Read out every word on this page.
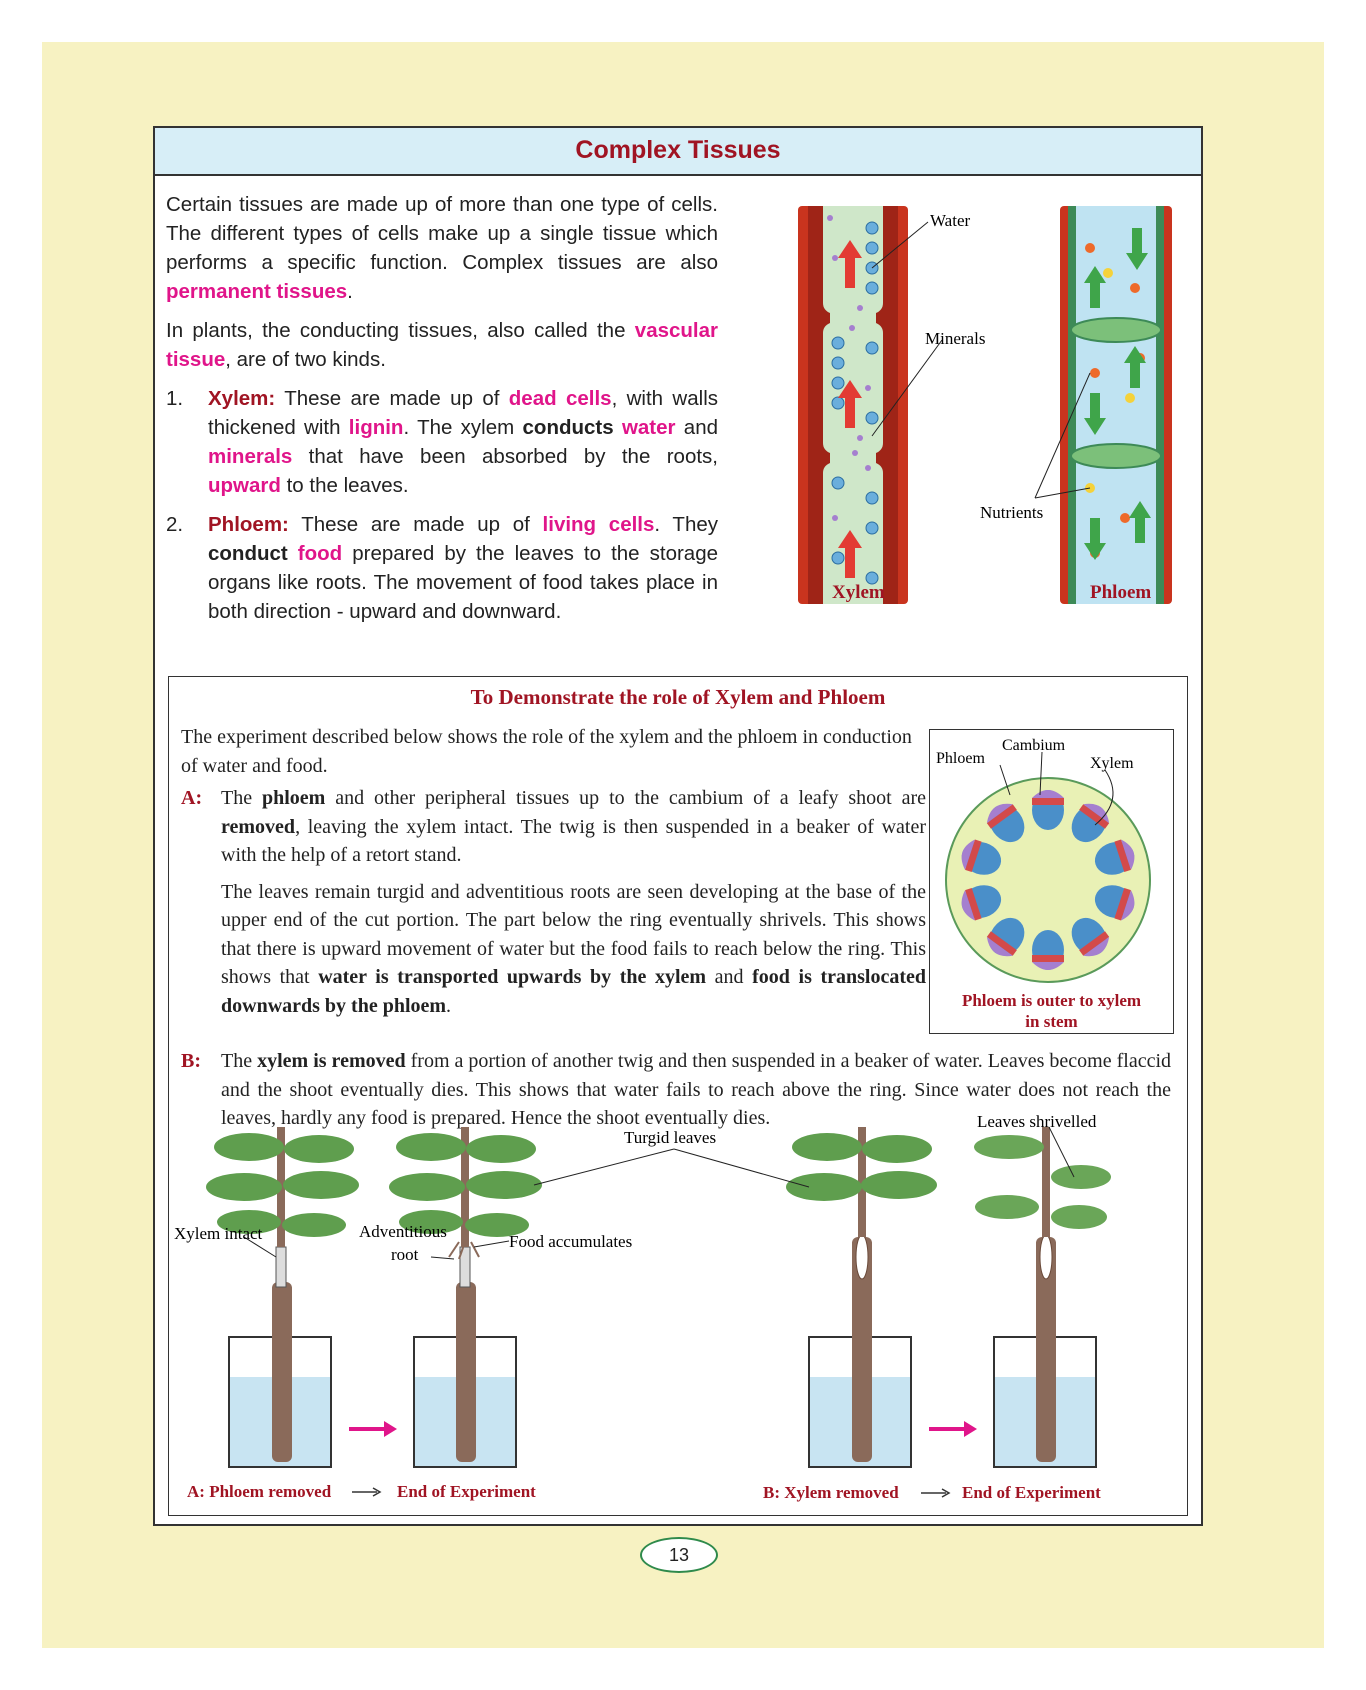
Complex Tissues

Certain tissues are made up of more than one type of cells. The different types of cells make up a single tissue which performs a specific function. Complex tissues are also permanent tissues.

In plants, the conducting tissues, also called the vascular tissue, are of two kinds.

1. Xylem: These are made up of dead cells, with walls thickened with lignin. The xylem conducts water and minerals that have been absorbed by the roots, upward to the leaves.
2. Phloem: These are made up of living cells. They conduct food prepared by the leaves to the storage organs like roots. The movement of food takes place in both direction - upward and downward.
Water
Minerals
Nutrients
Xylem	Phloem
To Demonstrate the role of Xylem and Phloem
The experiment described below shows the role of the xylem and the phloem in conduction of water and food.
A: The phloem and other peripheral tissues up to the cambium of a leafy shoot are removed, leaving the xylem intact. The twig is then suspended in a beaker of water with the help of a retort stand.

The leaves remain turgid and adventitious roots are seen developing at the base of the upper end of the cut portion. The part below the ring eventually shrivels. This shows that there is upward movement of water but the food fails to reach below the ring. This shows that water is transported upwards by the xylem and food is translocated downwards by the phloem.

B: The xylem is removed from a portion of another twig and then suspended in a beaker of water. Leaves become flaccid and the shoot eventually dies. This shows that water fails to reach above the ring. Since water does not reach the leaves, hardly any food is prepared. Hence the shoot eventually dies.

Cambium
Phloem	Xylem
Phloem is outer to xylem
in stem
Turgid leaves
Leaves shrivelled
Xylem intact	Adventitious
root
Food accumulates
A: Phloem removed	End of Experiment	B: Xylem removed	End of Experiment
13
